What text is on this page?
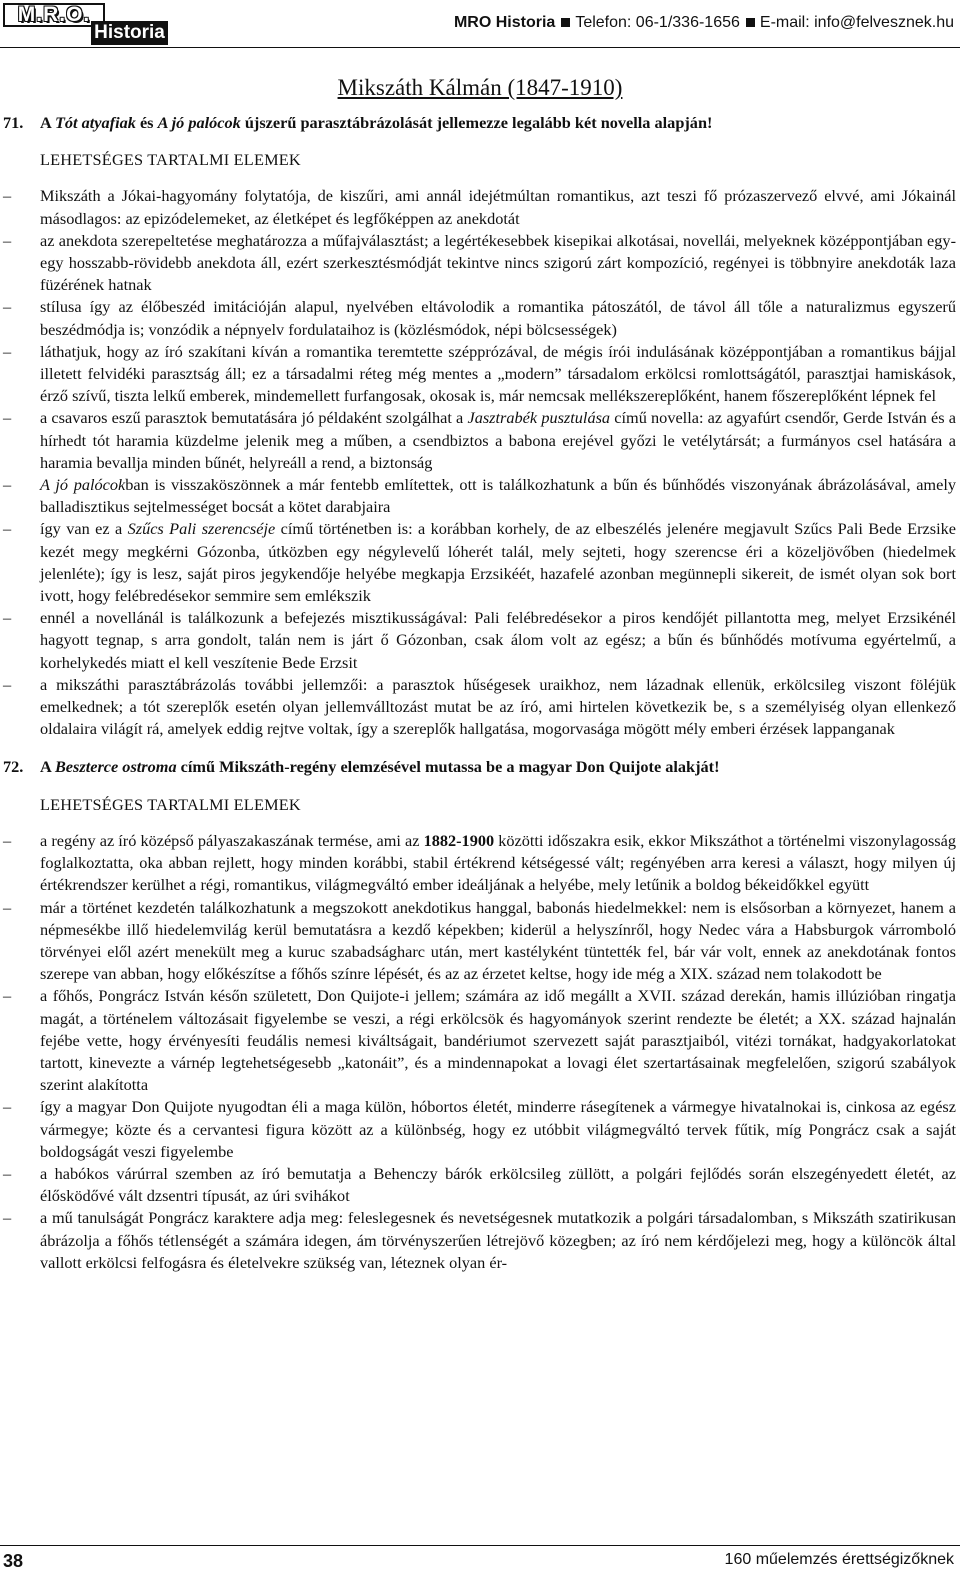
M.R.O.
Historia	MRO Historia Telefon: 06-1/336-1656 E-mail: info@felvesznek.hu
Mikszáth Kálmán (1847-1910)

71. A Tót atyafiak és A jó palócok újszerű parasztábrázolását jellemezze legalább két novella alapján!

LEHETSÉGES TARTALMI ELEMEK
– Mikszáth a Jókai-hagyomány folytatója, de kiszűri, ami annál idejétmúltan romantikus, azt teszi fő prózaszervező elvvé, ami Jókainál másodlagos: az epizódelemeket, az életképet és legfőképpen az anekdotát
– az anekdota szerepeltetése meghatározza a műfajválasztást; a legértékesebbek kisepikai alkotásai, novellái, melyeknek középpontjában egy-egy hosszabb-rövidebb anekdota áll, ezért szerkesztésmódját tekintve nincs szigorú zárt kompozíció, regényei is többnyire anekdoták laza füzérének hatnak
– stílusa így az élőbeszéd imitációján alapul, nyelvében eltávolodik a romantika pátoszától, de távol áll tőle a naturalizmus egyszerű beszédmódja is; vonzódik a népnyelv fordulataihoz is (közlésmódok, népi bölcsességek)
– láthatjuk, hogy az író szakítani kíván a romantika teremtette szépprózával, de mégis írói indulásának középpontjában a romantikus bájjal illetett felvidéki parasztság áll; ez a társadalmi réteg még mentes a „modern” társadalom erkölcsi romlottságától, parasztjai hamiskások, érző szívű, tiszta lelkű emberek, mindemellett furfangosak, okosak is, már nemcsak mellékszereplőként, hanem főszereplőként lépnek fel
– a csavaros eszű parasztok bemutatására jó példaként szolgálhat a Jasztrabék pusztulása című novella: az agyafúrt csendőr, Gerde István és a hírhedt tót haramia küzdelme jelenik meg a műben, a csendbiztos a babona erejével győzi le vetélytársát; a furmányos csel hatására a haramia bevallja minden bűnét, helyreáll a rend, a biztonság
– A jó palócokban is visszaköszönnek a már fentebb említettek, ott is találkozhatunk a bűn és bűnhődés viszonyának ábrázolásával, amely balladisztikus sejtelmességet bocsát a kötet darabjaira
– így van ez a Szűcs Pali szerencséje című történetben is: a korábban korhely, de az elbeszélés jelenére megjavult Szűcs Pali Bede Erzsike kezét megy megkérni Gózonba, útközben egy négylevelű lóherét talál, mely sejteti, hogy szerencse éri a közeljövőben (hiedelmek jelenléte); így is lesz, saját piros jegykendője helyébe megkapja Erzsikéét, hazafelé azonban megünnepli sikereit, de ismét olyan sok bort ivott, hogy felébredésekor semmire sem emlékszik
– ennél a novellánál is találkozunk a befejezés misztikusságával: Pali felébredésekor a piros kendőjét pillantotta meg, melyet Erzsikénél hagyott tegnap, s arra gondolt, talán nem is járt ő Gózonban, csak álom volt az egész; a bűn és bűnhődés motívuma egyértelmű, a korhelykedés miatt el kell veszítenie Bede Erzsit
– a mikszáthi parasztábrázolás további jellemzői: a parasztok hűségesek uraikhoz, nem lázadnak ellenük, erkölcsileg viszont föléjük emelkednek; a tót szereplők esetén olyan jellemválltozást mutat be az író, ami hirtelen következik be, s a személyiség olyan ellenkező oldalaira világít rá, amelyek eddig rejtve voltak, így a szereplők hallgatása, mogorvasága mögött mély emberi érzések lappanganak

72. A Beszterce ostroma című Mikszáth-regény elemzésével mutassa be a magyar Don Quijote alakját!

LEHETSÉGES TARTALMI ELEMEK
– a regény az író középső pályaszakaszának termése, ami az 1882-1900 közötti időszakra esik, ekkor Mikszáthot a történelmi viszonylagosság foglalkoztatta, oka abban rejlett, hogy minden korábbi, stabil értékrend kétségessé vált; regényében arra keresi a választ, hogy milyen új értékrendszer kerülhet a régi, romantikus, világmegváltó ember ideáljának a helyébe, mely letűnik a boldog békeidőkkel együtt
– már a történet kezdetén találkozhatunk a megszokott anekdotikus hanggal, babonás hiedelmekkel: nem is elsősorban a környezet, hanem a népmesékbe illő hiedelemvilág kerül bemutatásra a kezdő képekben; kiderül a helyszínről, hogy Nedec vára a Habsburgok várromboló törvényei elől azért menekült meg a kuruc szabadságharc után, mert kastélyként tüntették fel, bár vár volt, ennek az anekdotának fontos szerepe van abban, hogy előkészítse a főhős színre lépését, és az az érzetet keltse, hogy ide még a XIX. század nem tolakodott be
– a főhős, Pongrácz István későn született, Don Quijote-i jellem; számára az idő megállt a XVII. század derekán, hamis illúzióban ringatja magát, a történelem változásait figyelembe se veszi, a régi erkölcsök és hagyományok szerint rendezte be életét; a XX. század hajnalán fejébe vette, hogy érvényesíti feudális nemesi kiváltságait, bandériumot szervezett saját parasztjaiból, vitézi tornákat, hadgyakorlatokat tartott, kinevezte a várnép legtehetségesebb „katonáit”, és a mindennapokat a lovagi élet szertartásainak megfelelően, szigorú szabályok szerint alakította
– így a magyar Don Quijote nyugodtan éli a maga külön, hóbortos életét, minderre rásegítenek a vármegye hivatalnokai is, cinkosa az egész vármegye; közte és a cervantesi figura között az a különbség, hogy ez utóbbit világmegváltó tervek fűtik, míg Pongrácz csak a saját boldogságát veszi figyelembe
– a habókos várúrral szemben az író bemutatja a Behenczy bárók erkölcsileg züllött, a polgári fejlődés során elszegényedett életét, az élősködővé vált dzsentri típusát, az úri svihákot
– a mű tanulságát Pongrácz karaktere adja meg: feleslegesnek és nevetségesnek mutatkozik a polgári társadalomban, s Mikszáth szatirikusan ábrázolja a főhős tétlenségét a számára idegen, ám törvényszerűen létrejövő közegben; az író nem kérdőjelezi meg, hogy a különcök által vallott erkölcsi felfogásra és életelvekre szükség van, léteznek olyan ér-
38	160 műelemzés érettségizőknek
